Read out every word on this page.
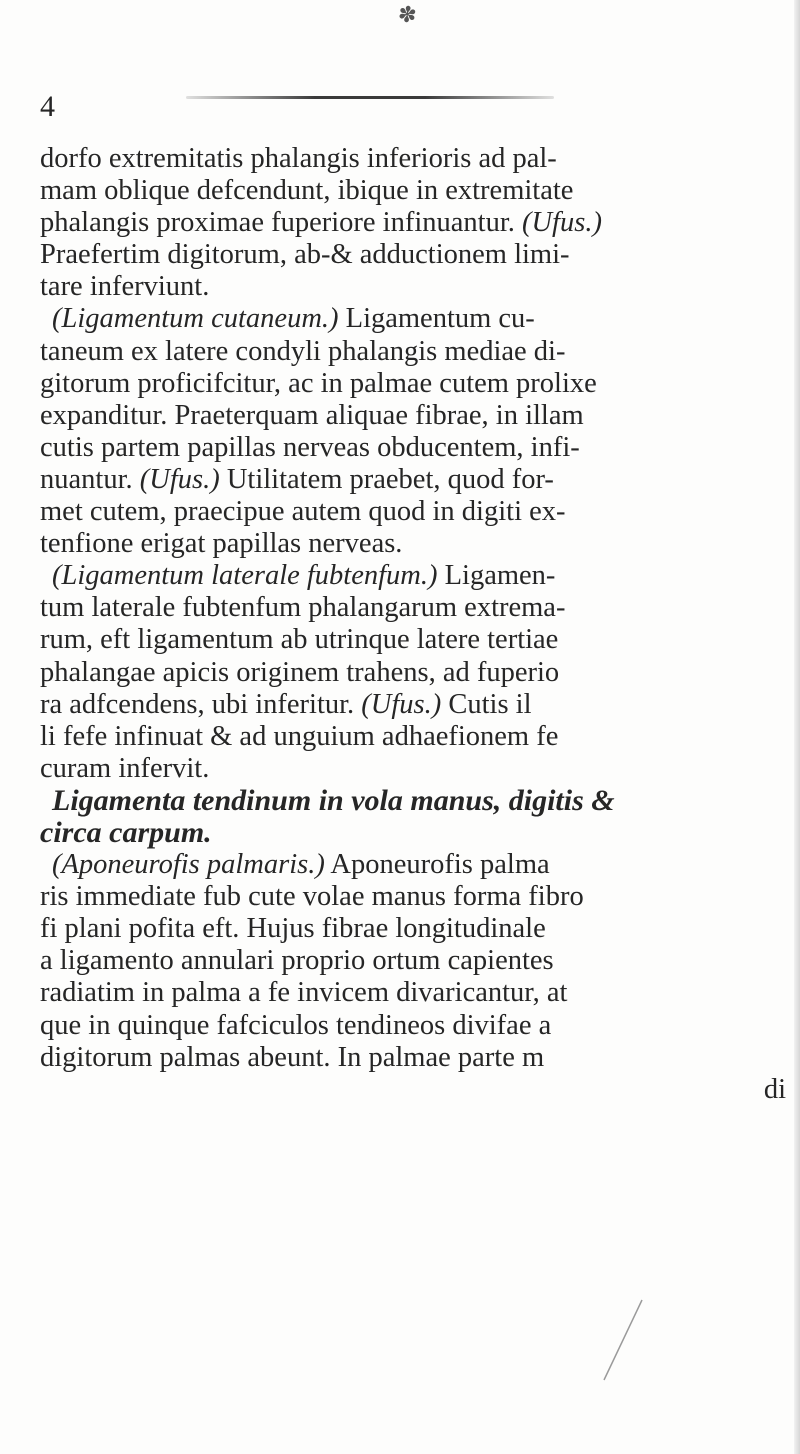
✽
4
dorfo extremitatis phalangis inferioris ad pal-
mam oblique defcendunt, ibique in extremitate
phalangis proximae fuperiore infinuantur. (Ufus.)
Praefertim digitorum, ab-& adductionem limi-
tare inferviunt.
(Ligamentum cutaneum.) Ligamentum cu-
taneum ex latere condyli phalangis mediae di-
gitorum proficifcitur, ac in palmae cutem prolixe
expanditur. Praeterquam aliquae fibrae, in illam
cutis partem papillas nerveas obducentem, infi-
nuantur. (Ufus.) Utilitatem praebet, quod for-
met cutem, praecipue autem quod in digiti ex-
tenfione erigat papillas nerveas.
(Ligamentum laterale fubtenfum.) Ligamen-
tum laterale fubtenfum phalangarum extrema-
rum, eft ligamentum ab utrinque latere tertiae
phalangae apicis originem trahens, ad fuperio
ra adfcendens, ubi inferitur. (Ufus.) Cutis il
li fefe infinuat & ad unguium adhaefionem fe
curam infervit.
Ligamenta tendinum in vola manus, digitis &
circa carpum.
(Aponeurofis palmaris.) Aponeurofis palma
ris immediate fub cute volae manus forma fibro
fi plani pofita eft. Hujus fibrae longitudinale
a ligamento annulari proprio ortum capientes
radiatim in palma a fe invicem divaricantur, at
que in quinque fafciculos tendineos divifae a
digitorum palmas abeunt. In palmae parte m
di
